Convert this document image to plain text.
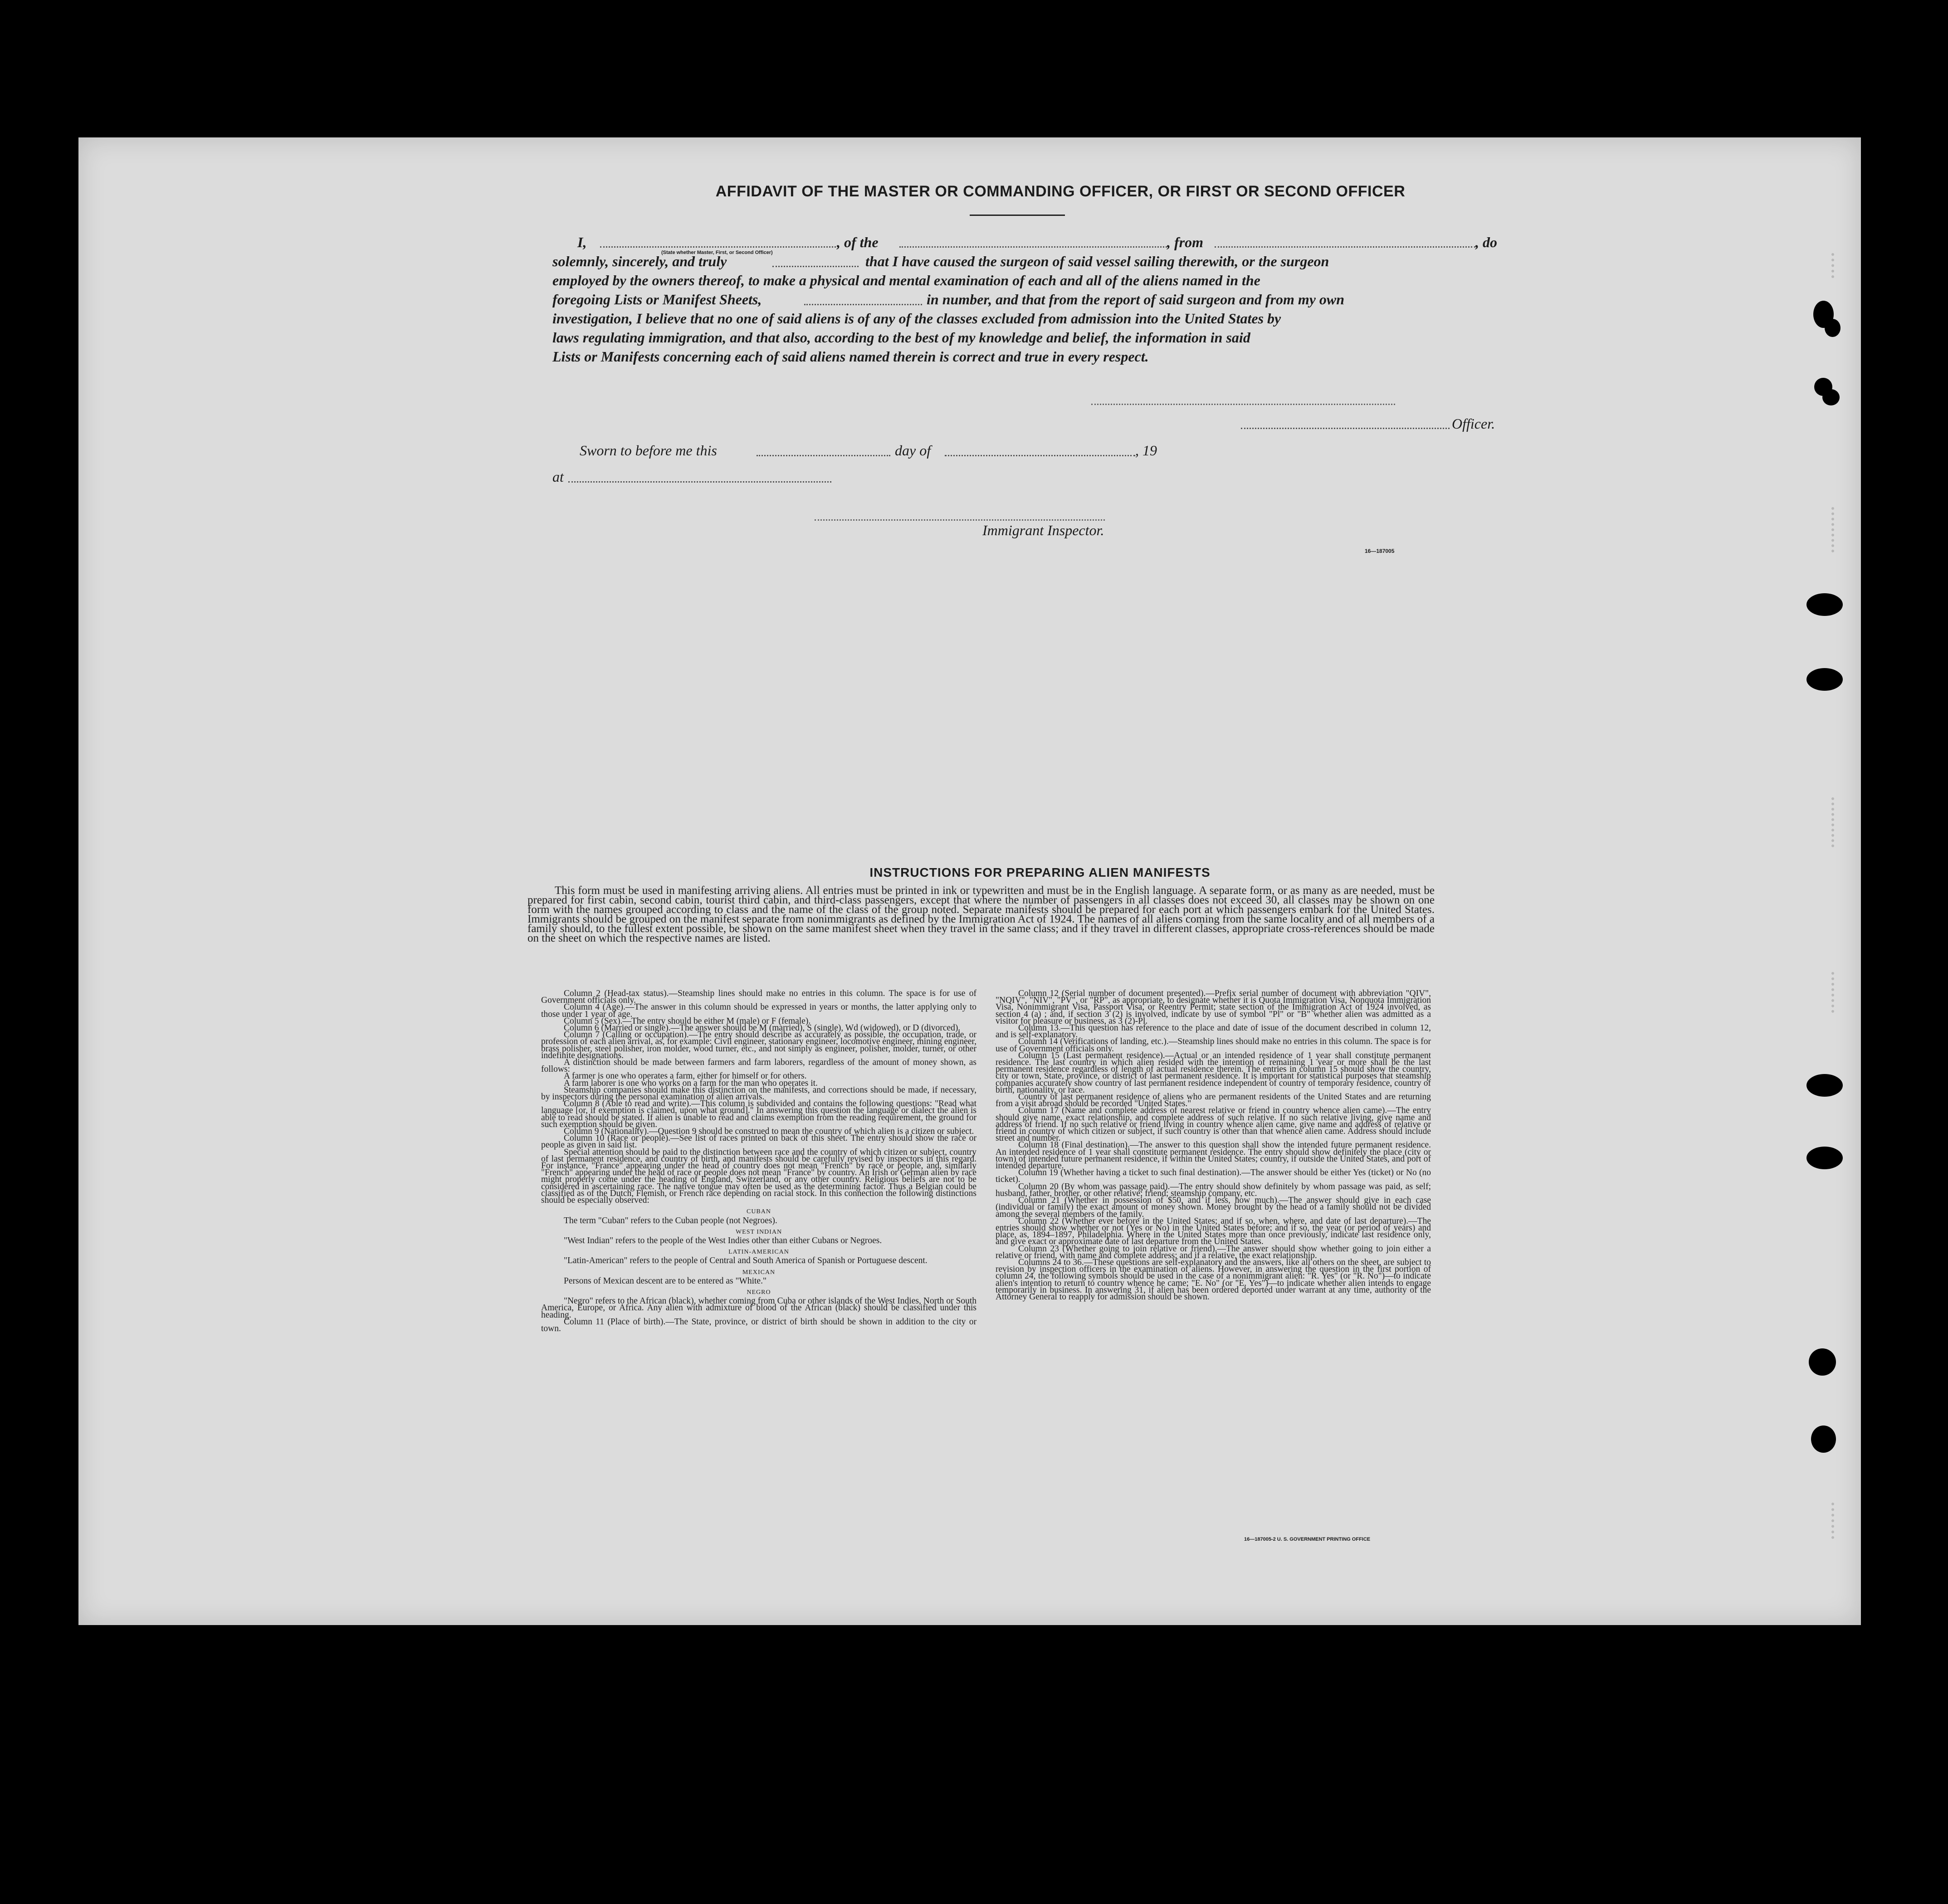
AFFIDAVIT OF THE MASTER OR COMMANDING OFFICER, OR FIRST OR SECOND OFFICER
I,
(State whether Master, First, or Second Officer)
, of the	, from	, do
solemnly, sincerely, and truly	that I have caused the surgeon of said vessel sailing therewith, or the surgeon
employed by the owners thereof, to make a physical and mental examination of each and all of the aliens named in the
foregoing Lists or Manifest Sheets,	in number, and that from the report of said surgeon and from my own
investigation, I believe that no one of said aliens is of any of the classes excluded from admission into the United States by
laws regulating immigration, and that also, according to the best of my knowledge and belief, the information in said
Lists or Manifests concerning each of said aliens named therein is correct and true in every respect.
Officer.
Sworn to before me this	day of	, 19
at
Immigrant Inspector.
16—187005
INSTRUCTIONS FOR PREPARING ALIEN MANIFESTS
This form must be used in manifesting arriving aliens. All entries must be printed in ink or typewritten and must be in the English language. A separate form, or as many as are needed, must be prepared for first cabin, second cabin, tourist third cabin, and third-class passengers, except that where the number of passengers in all classes does not exceed 30, all classes may be shown on one form with the names grouped according to class and the name of the class of the group noted. Separate manifests should be prepared for each port at which passengers embark for the United States. Immigrants should be grouped on the manifest separate from nonimmigrants as defined by the Immigration Act of 1924. The names of all aliens coming from the same locality and of all members of a family should, to the fullest extent possible, be shown on the same manifest sheet when they travel in the same class; and if they travel in different classes, appropriate cross-references should be made on the sheet on which the respective names are listed.

Column 2 (Head-tax status).—Steamship lines should make no entries in this column. The space is for use of Government officials only.

Column 4 (Age).—The answer in this column should be expressed in years or months, the latter applying only to those under 1 year of age.

Column 5 (Sex).—The entry should be either M (male) or F (female).

Column 6 (Married or single).—The answer should be M (married), S (single), Wd (widowed), or D (divorced).

Column 7 (Calling or occupation).—The entry should describe as accurately as possible, the occupation, trade, or profession of each alien arrival, as, for example: Civil engineer, stationary engineer, locomotive engineer, mining engineer, brass polisher, steel polisher, iron molder, wood turner, etc., and not simply as engineer, polisher, molder, turner, or other indefinite designations.

A distinction should be made between farmers and farm laborers, regardless of the amount of money shown, as follows:

A farmer is one who operates a farm, either for himself or for others.

A farm laborer is one who works on a farm for the man who operates it.

Steamship companies should make this distinction on the manifests, and corrections should be made, if necessary, by inspectors during the personal examination of alien arrivals.

Column 8 (Able to read and write).—This column is subdivided and contains the following questions: "Read what language [or, if exemption is claimed, upon what ground]." In answering this question the language or dialect the alien is able to read should be stated. If alien is unable to read and claims exemption from the reading requirement, the ground for such exemption should be given.

Column 9 (Nationality).—Question 9 should be construed to mean the country of which alien is a citizen or subject.

Column 10 (Race or people).—See list of races printed on back of this sheet. The entry should show the race or people as given in said list.

Special attention should be paid to the distinction between race and the country of which citizen or subject, country of last permanent residence, and country of birth, and manifests should be carefully revised by inspectors in this regard. For instance, "France" appearing under the head of country does not mean "French" by race or people, and, similarly "French" appearing under the head of race or people does not mean "France" by country. An Irish or German alien by race might properly come under the heading of England, Switzerland, or any other country. Religious beliefs are not to be considered in ascertaining race. The native tongue may often be used as the determining factor. Thus a Belgian could be classified as of the Dutch, Flemish, or French race depending on racial stock. In this connection the following distinctions should be especially observed:

CUBAN

The term "Cuban" refers to the Cuban people (not Negroes).

WEST INDIAN

"West Indian" refers to the people of the West Indies other than either Cubans or Negroes.

LATIN-AMERICAN

"Latin-American" refers to the people of Central and South America of Spanish or Portuguese descent.

MEXICAN

Persons of Mexican descent are to be entered as "White."

NEGRO

"Negro" refers to the African (black), whether coming from Cuba or other islands of the West Indies, North or South America, Europe, or Africa. Any alien with admixture of blood of the African (black) should be classified under this heading.

Column 11 (Place of birth).—The State, province, or district of birth should be shown in addition to the city or town.

Column 12 (Serial number of document presented).—Prefix serial number of document with abbreviation "QIV", "NQIV", "NIV", "PV", or "RP", as appropriate, to designate whether it is Quota Immigration Visa, Nonquota Immigration Visa, Nonimmigrant Visa, Passport Visa, or Reentry Permit; state section of the Immigration Act of 1924 involved, as section 4 (a) ; and, if section 3 (2) is involved, indicate by use of symbol "Pl" or "B" whether alien was admitted as a visitor for pleasure or business, as 3 (2)-Pl.

Column 13.—This question has reference to the place and date of issue of the document described in column 12, and is self-explanatory.

Column 14 (Verifications of landing, etc.).—Steamship lines should make no entries in this column. The space is for use of Government officials only.

Column 15 (Last permanent residence).—Actual or an intended residence of 1 year shall constitute permanent residence. The last country in which alien resided with the intention of remaining 1 year or more shall be the last permanent residence regardless of length of actual residence therein. The entries in column 15 should show the country, city or town, State, province, or district of last permanent residence. It is important for statistical purposes that steamship companies accurately show country of last permanent residence independent of country of temporary residence, country of birth, nationality, or race.

Country of last permanent residence of aliens who are permanent residents of the United States and are returning from a visit abroad should be recorded "United States."

Column 17 (Name and complete address of nearest relative or friend in country whence alien came).—The entry should give name, exact relationship, and complete address of such relative. If no such relative living, give name and address of friend. If no such relative or friend living in country whence alien came, give name and address of relative or friend in country of which citizen or subject, if such country is other than that whence alien came. Address should include street and number.

Column 18 (Final destination).—The answer to this question shall show the intended future permanent residence. An intended residence of 1 year shall constitute permanent residence. The entry should show definitely the place (city or town) of intended future permanent residence, if within the United States; country, if outside the United States, and port of intended departure.

Column 19 (Whether having a ticket to such final destination).—The answer should be either Yes (ticket) or No (no ticket).

Column 20 (By whom was passage paid).—The entry should show definitely by whom passage was paid, as self; husband, father, brother, or other relative; friend; steamship company, etc.

Column 21 (Whether in possession of $50, and if less, how much).—The answer should give in each case (individual or family) the exact amount of money shown. Money brought by the head of a family should not be divided among the several members of the family.

Column 22 (Whether ever before in the United States; and if so, when, where, and date of last departure).—The entries should show whether or not (Yes or No) in the United States before; and if so, the year (or period of years) and place, as, 1894–1897, Philadelphia. Where in the United States more than once previously, indicate last residence only, and give exact or approximate date of last departure from the United States.

Column 23 (Whether going to join relative or friend).—The answer should show whether going to join either a relative or friend, with name and complete address; and if a relative, the exact relationship.

Columns 24 to 36.—These questions are self-explanatory and the answers, like all others on the sheet, are subject to revision by inspection officers in the examination of aliens. However, in answering the question in the first portion of column 24, the following symbols should be used in the case of a nonimmigrant alien: "R. Yes" (or "R. No")—to indicate alien's intention to return to country whence he came; "E. No" (or "E. Yes")—to indicate whether alien intends to engage temporarily in business. In answering 31, if alien has been ordered deported under warrant at any time, authority of the Attorney General to reapply for admission should be shown.

16—187005-2 U. S. GOVERNMENT PRINTING OFFICE
